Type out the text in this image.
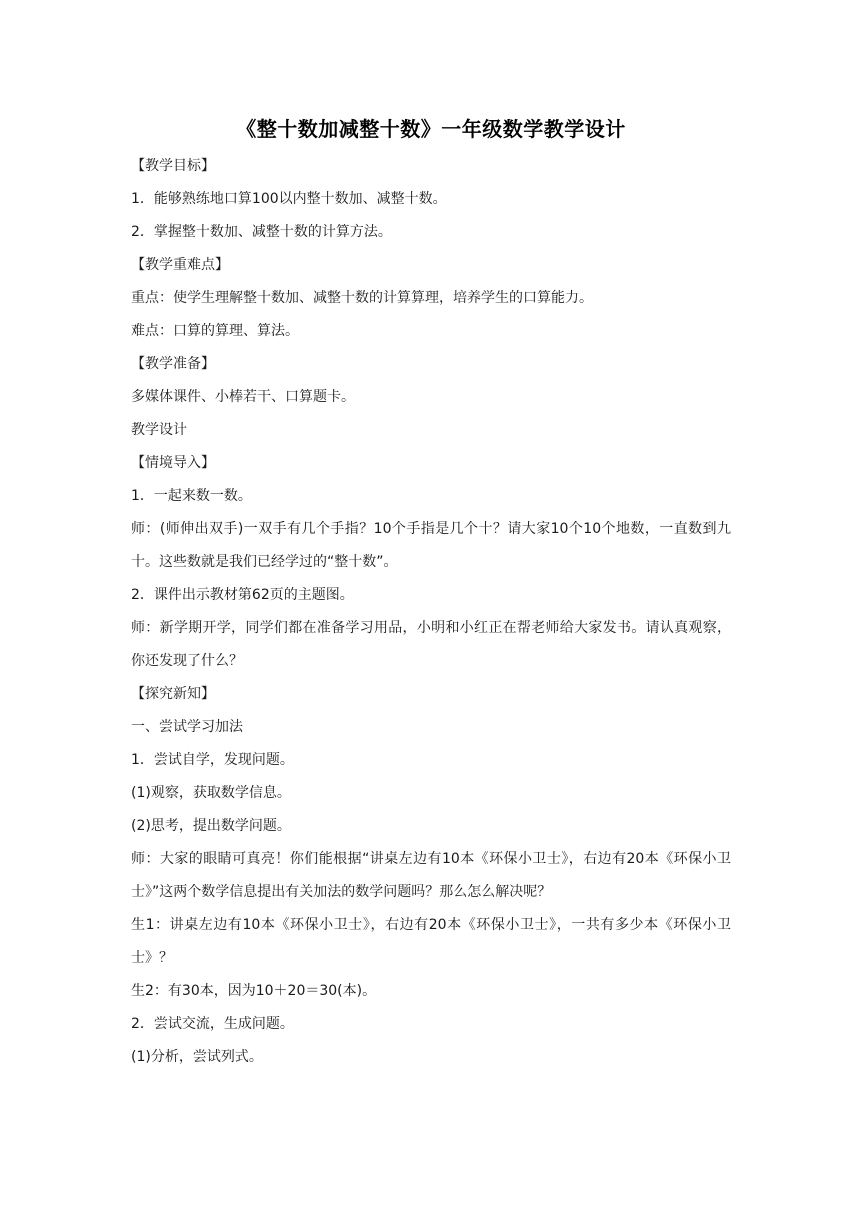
《整十数加减整十数》一年级数学教学设计

【教学目标】

1．能够熟练地口算100以内整十数加、减整十数。

2．掌握整十数加、减整十数的计算方法。

【教学重难点】

重点：使学生理解整十数加、减整十数的计算算理，培养学生的口算能力。

难点：口算的算理、算法。

【教学准备】

多媒体课件、小棒若干、口算题卡。

教学设计

【情境导入】

1．一起来数一数。

师：(师伸出双手)一双手有几个手指？10个手指是几个十？请大家10个10个地数，一直数到九十。这些数就是我们已经学过的“整十数”。

2．课件出示教材第62页的主题图。

师：新学期开学，同学们都在准备学习用品，小明和小红正在帮老师给大家发书。请认真观察，你还发现了什么？

【探究新知】

一、尝试学习加法

1．尝试自学，发现问题。

(1)观察，获取数学信息。

(2)思考，提出数学问题。

师：大家的眼睛可真亮！你们能根据“讲桌左边有10本《环保小卫士》，右边有20本《环保小卫士》”这两个数学信息提出有关加法的数学问题吗？那么怎么解决呢？

生1：讲桌左边有10本《环保小卫士》，右边有20本《环保小卫士》，一共有多少本《环保小卫士》？

生2：有30本，因为10＋20＝30(本)。

2．尝试交流，生成问题。

(1)分析，尝试列式。
